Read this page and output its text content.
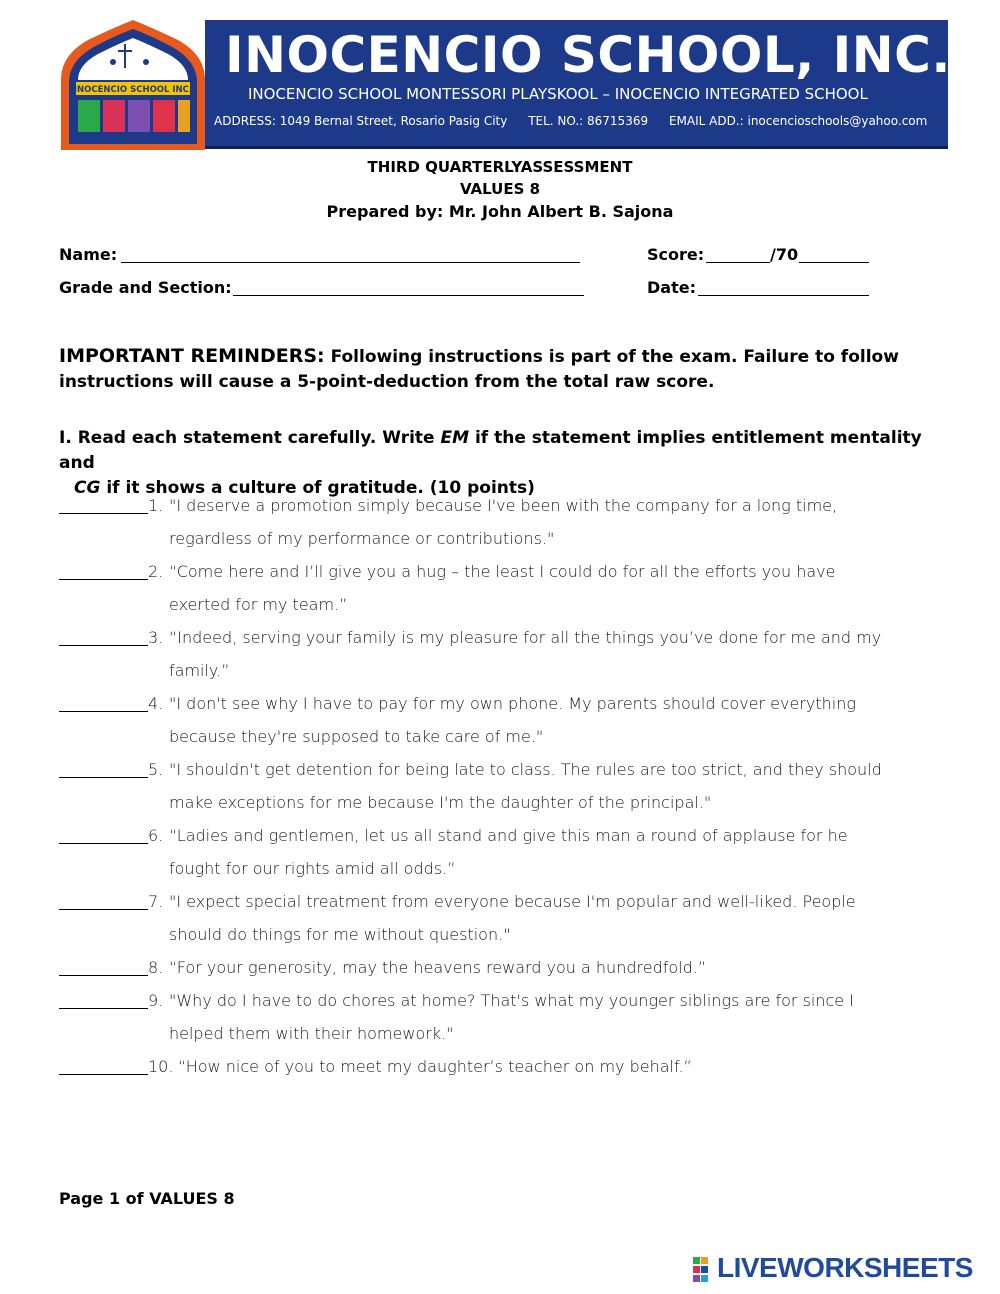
INOCENCIO SCHOOL INC.
INOCENCIO SCHOOL, INC.
INOCENCIO SCHOOL MONTESSORI PLAYSKOOL – INOCENCIO INTEGRATED SCHOOL
ADDRESS: 1049 Bernal Street, Rosario Pasig City TEL. NO.: 86715369 EMAIL ADD.: inocencioschools@yahoo.com
THIRD QUARTERLYASSESSMENT
VALUES 8
Prepared by: Mr. John Albert B. Sajona
Name:
Grade and Section:
Score:	/70
Date:
IMPORTANT REMINDERS: Following instructions is part of the exam. Failure to follow
instructions will cause a 5-point-deduction from the total raw score.
I. Read each statement carefully. Write EM if the statement implies entitlement mentality and
CG if it shows a culture of gratitude. (10 points)
1. "I deserve a promotion simply because I've been with the company for a long time,
regardless of my performance or contributions."
2. “Come here and I’ll give you a hug – the least I could do for all the efforts you have
exerted for my team.”
3. “Indeed, serving your family is my pleasure for all the things you’ve done for me and my
family.”
4. "I don't see why I have to pay for my own phone. My parents should cover everything
because they're supposed to take care of me."
5. "I shouldn't get detention for being late to class. The rules are too strict, and they should
make exceptions for me because I'm the daughter of the principal."
6. “Ladies and gentlemen, let us all stand and give this man a round of applause for he
fought for our rights amid all odds.”
7. "I expect special treatment from everyone because I'm popular and well-liked. People
should do things for me without question."
8. “For your generosity, may the heavens reward you a hundredfold.”
9. "Why do I have to do chores at home? That's what my younger siblings are for since I
helped them with their homework."
10. “How nice of you to meet my daughter’s teacher on my behalf.”
Page 1 of VALUES 8
LIVEWORKSHEETS
